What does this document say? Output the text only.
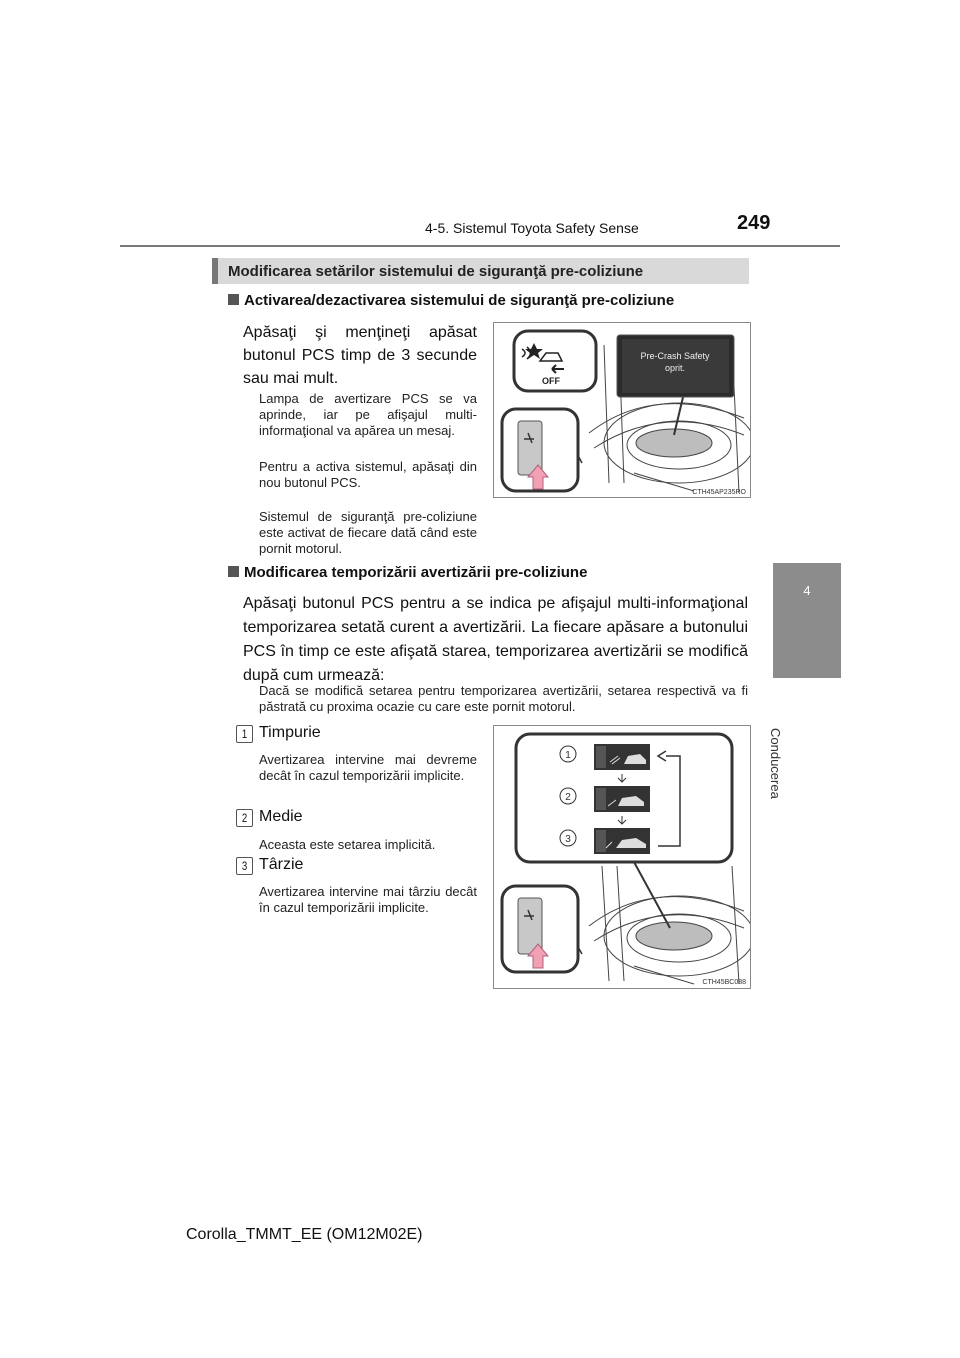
4-5. Sistemul Toyota Safety Sense	249
4
Conducerea
Modificarea setărilor sistemului de siguranţă pre-coliziune
Activarea/dezactivarea sistemului de siguranţă pre-coliziune
Apăsaţi şi menţineţi apăsat butonul PCS timp de 3 secunde sau mai mult.
Lampa de avertizare PCS se va aprinde, iar pe afişajul multi-informaţional va apărea un mesaj.
Pentru a activa sistemul, apăsaţi din nou butonul PCS.
Sistemul de siguranţă pre-coliziune este activat de fiecare dată când este pornit motorul.
Pre-Crash Safety
oprit.
OFF
CTH45AP235RO
Modificarea temporizării avertizării pre-coliziune
Apăsaţi butonul PCS pentru a se indica pe afişajul multi-informaţional temporizarea setată curent a avertizării. La fiecare apăsare a butonului PCS în timp ce este afişată starea, temporizarea avertizării se modifică după cum urmează:
Dacă se modifică setarea pentru temporizarea avertizării, setarea respectivă va fi păstrată cu proxima ocazie cu care este pornit motorul.
1 Timpurie
Avertizarea intervine mai devreme decât în cazul temporizării implicite.
2 Medie
Aceasta este setarea implicită.
3 Târzie
Avertizarea intervine mai târziu decât în cazul temporizării implicite.
1
2
3
CTH45BC088
Corolla_TMMT_EE (OM12M02E)
